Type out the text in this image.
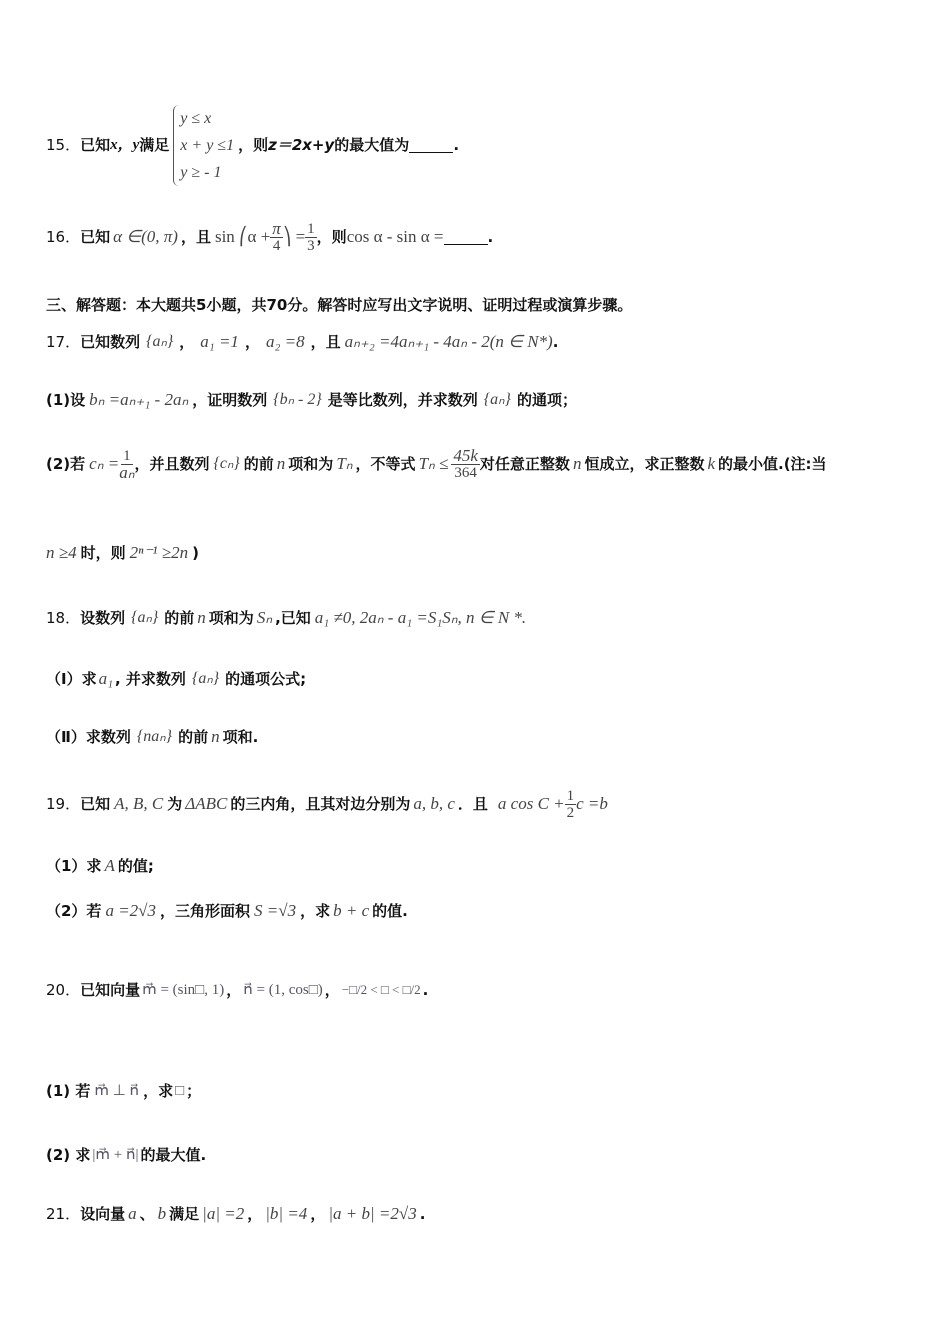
15． 已知 x，y 满足
y ≤ x
x + y ≤1
y ≥ - 1
，则 z＝2x+y 的最大值为	.
16． 已知 α ∈(0, π) ，且 sin ⎛α + $\frac{\pi}{4}$ ⎞ = $\frac{1}{3}$ ，则 cos α - sin α =	.
三、解答题：本大题共5小题，共70分。解答时应写出文字说明、证明过程或演算步骤。
17． 已知数列 {aₙ} ， a₁ =1 ， a₂ =8 ，且 aₙ₊₂ =4aₙ₊₁ - 4aₙ - 2(n ∈ N*) .
(1)设 bₙ =aₙ₊₁ - 2aₙ ，证明数列 {bₙ - 2} 是等比数列，并求数列 {aₙ} 的通项；
(2)若 $c_n = \frac{1}{\text{aₙ}}$ ，并且数列 {cₙ} 的前 n 项和为 Tₙ ，不等式 $T_n \le \frac{45k}{364}$ 对任意正整数 n 恒成立，求正整数 k 的最小值.(注:当
n ≥4 时，则 2ⁿ⁻¹ ≥2n )
18． 设数列 {aₙ} 的前 n 项和为 Sₙ ,已知 a₁ ≠0, 2aₙ - a₁ =S₁Sₙ, n ∈ N *.
（Ⅰ）求 a₁ , 并求数列 {aₙ} 的通项公式;
（Ⅱ）求数列 {naₙ} 的前 n 项和.
19． 已知 A, B, C 为 ΔABC 的三内角，且其对边分别为 a, b, c ．且 a $\cos C + \frac{1}{2}$ c =b
（1）求 A 的值;
（2）若 a =2√3 ，三角形面积 S =√3 ，求 b + c 的值.
20． 已知向量 m⃗ = (sin□, 1) ， n⃗ = (1, cos□) ， −□/2 < □ < □/2 .
(1) 若 m⃗ ⊥ n⃗ ，求 □ ；
(2) 求 |m⃗ + n⃗| 的最大值.
21． 设向量 a 、 b 满足 |a| =2 ， |b| =4 ， |a + b| =2√3 .
